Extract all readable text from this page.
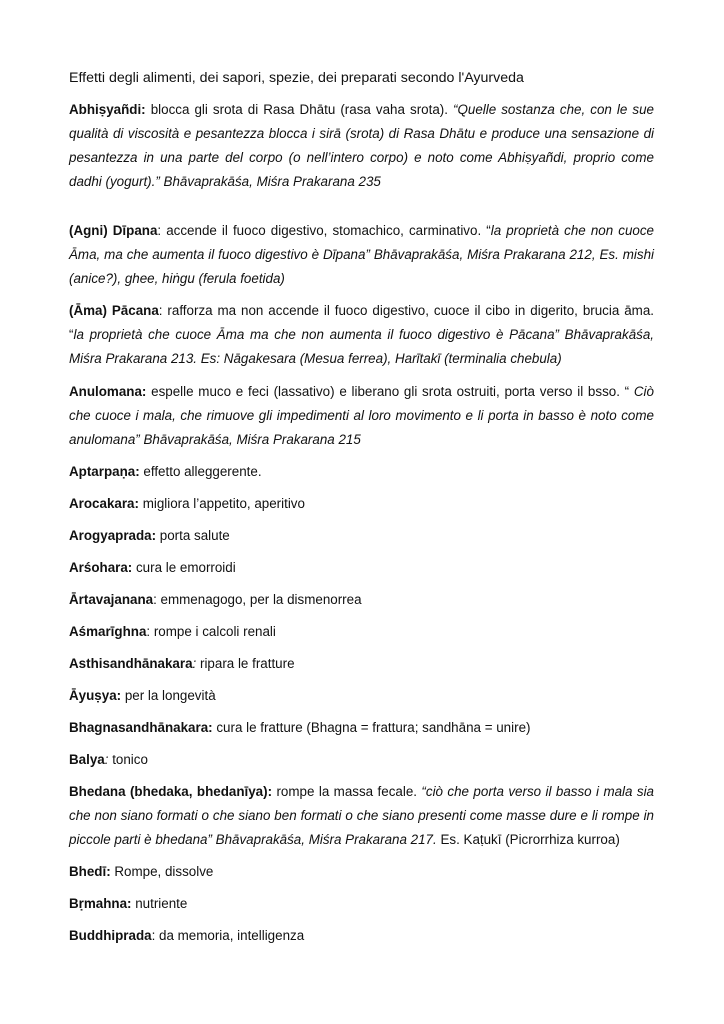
Effetti degli alimenti, dei sapori, spezie, dei preparati secondo l'Ayurveda
Abhiṣyañdi: blocca gli srota di Rasa Dhātu (rasa vaha srota). “Quelle sostanza che, con le sue qualità di viscosità e pesantezza blocca i sirā (srota) di Rasa Dhātu e produce una sensazione di pesantezza in una parte del corpo (o nell’intero corpo) e noto come Abhiṣyañdi, proprio come dadhi (yogurt).” Bhāvaprakāśa, Miśra Prakarana 235
(Agni) Dīpana: accende il fuoco digestivo, stomachico, carminativo. “la proprietà che non cuoce Āma, ma che aumenta il fuoco digestivo è Dīpana” Bhāvaprakāśa, Miśra Prakarana 212, Es. mishi (anice?), ghee, hiṅgu (ferula foetida)
(Āma) Pācana: rafforza ma non accende il fuoco digestivo, cuoce il cibo in digerito, brucia āma. “la proprietà che cuoce Āma ma che non aumenta il fuoco digestivo è Pācana” Bhāvaprakāśa, Miśra Prakarana 213. Es: Nāgakesara (Mesua ferrea), Harītakī (terminalia chebula)
Anulomana: espelle muco e feci (lassativo) e liberano gli srota ostruiti, porta verso il bsso. “ Ciò che cuoce i mala, che rimuove gli impedimenti al loro movimento e li porta in basso è noto come anulomana” Bhāvaprakāśa, Miśra Prakarana 215
Aptarpaṇa: effetto alleggerente.
Arocakara: migliora l’appetito, aperitivo
Arogyaprada: porta salute
Arśohara: cura le emorroidi
Ārtavajanana: emmenagogo, per la dismenorrea
Aśmarīghna: rompe i calcoli renali
Asthisandhānakara: ripara le fratture
Āyuṣya: per la longevità
Bhagnasandhānakara: cura le fratture (Bhagna = frattura; sandhāna = unire)
Balya: tonico
Bhedana (bhedaka, bhedanīya): rompe la massa fecale. “ciò che porta verso il basso i mala sia che non siano formati o che siano ben formati o che siano presenti come masse dure e li rompe in piccole parti è bhedana” Bhāvaprakāśa, Miśra Prakarana 217. Es. Kaṭukī (Picrorrhiza kurroa)
Bhedī: Rompe, dissolve
Bṛmahna: nutriente
Buddhiprada: da memoria, intelligenza
